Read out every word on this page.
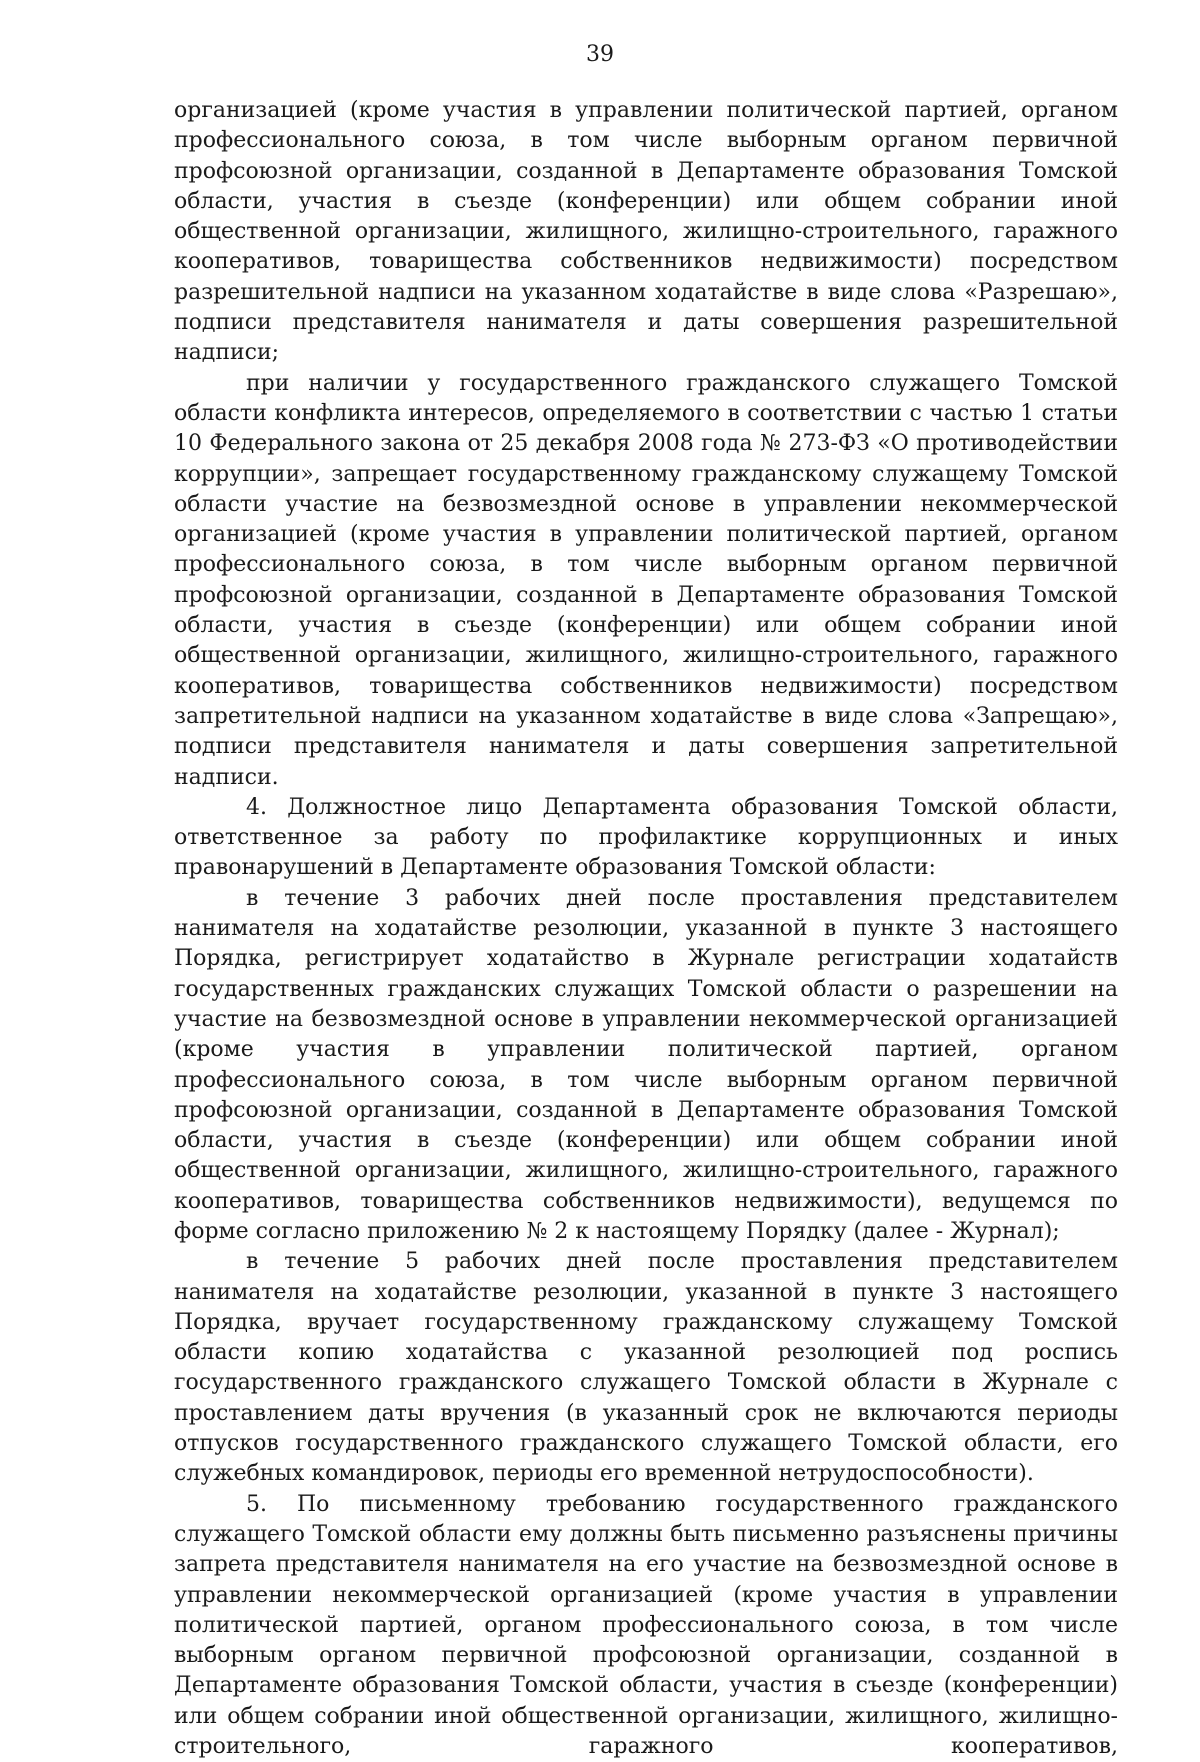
39

организацией (кроме участия в управлении политической партией, органом профессионального союза, в том числе выборным органом первичной профсоюзной организации, созданной в Департаменте образования Томской области, участия в съезде (конференции) или общем собрании иной общественной организации, жилищного, жилищно-строительного, гаражного кооперативов, товарищества собственников недвижимости) посредством разрешительной надписи на указанном ходатайстве в виде слова «Разрешаю», подписи представителя нанимателя и даты совершения разрешительной надписи;

при наличии у государственного гражданского служащего Томской области конфликта интересов, определяемого в соответствии с частью 1 статьи 10 Федерального закона от 25 декабря 2008 года № 273-ФЗ «О противодействии коррупции», запрещает государственному гражданскому служащему Томской области участие на безвозмездной основе в управлении некоммерческой организацией (кроме участия в управлении политической партией, органом профессионального союза, в том числе выборным органом первичной профсоюзной организации, созданной в Департаменте образования Томской области, участия в съезде (конференции) или общем собрании иной общественной организации, жилищного, жилищно-строительного, гаражного кооперативов, товарищества собственников недвижимости) посредством запретительной надписи на указанном ходатайстве в виде слова «Запрещаю», подписи представителя нанимателя и даты совершения запретительной надписи.

4. Должностное лицо Департамента образования Томской области, ответственное за работу по профилактике коррупционных и иных правонарушений в Департаменте образования Томской области:

в течение 3 рабочих дней после проставления представителем нанимателя на ходатайстве резолюции, указанной в пункте 3 настоящего Порядка, регистрирует ходатайство в Журнале регистрации ходатайств государственных гражданских служащих Томской области о разрешении на участие на безвозмездной основе в управлении некоммерческой организацией (кроме участия в управлении политической партией, органом профессионального союза, в том числе выборным органом первичной профсоюзной организации, созданной в Департаменте образования Томской области, участия в съезде (конференции) или общем собрании иной общественной организации, жилищного, жилищно-строительного, гаражного кооперативов, товарищества собственников недвижимости), ведущемся по форме согласно приложению № 2 к настоящему Порядку (далее - Журнал);

в течение 5 рабочих дней после проставления представителем нанимателя на ходатайстве резолюции, указанной в пункте 3 настоящего Порядка, вручает государственному гражданскому служащему Томской области копию ходатайства с указанной резолюцией под роспись государственного гражданского служащего Томской области в Журнале с проставлением даты вручения (в указанный срок не включаются периоды отпусков государственного гражданского служащего Томской области, его служебных командировок, периоды его временной нетрудоспособности).

5. По письменному требованию государственного гражданского служащего Томской области ему должны быть письменно разъяснены причины запрета представителя нанимателя на его участие на безвозмездной основе в управлении некоммерческой организацией (кроме участия в управлении политической партией, органом профессионального союза, в том числе выборным органом первичной профсоюзной организации, созданной в Департаменте образования Томской области, участия в съезде (конференции) или общем собрании иной общественной организации, жилищного, жилищно-строительного, гаражного кооперативов,
